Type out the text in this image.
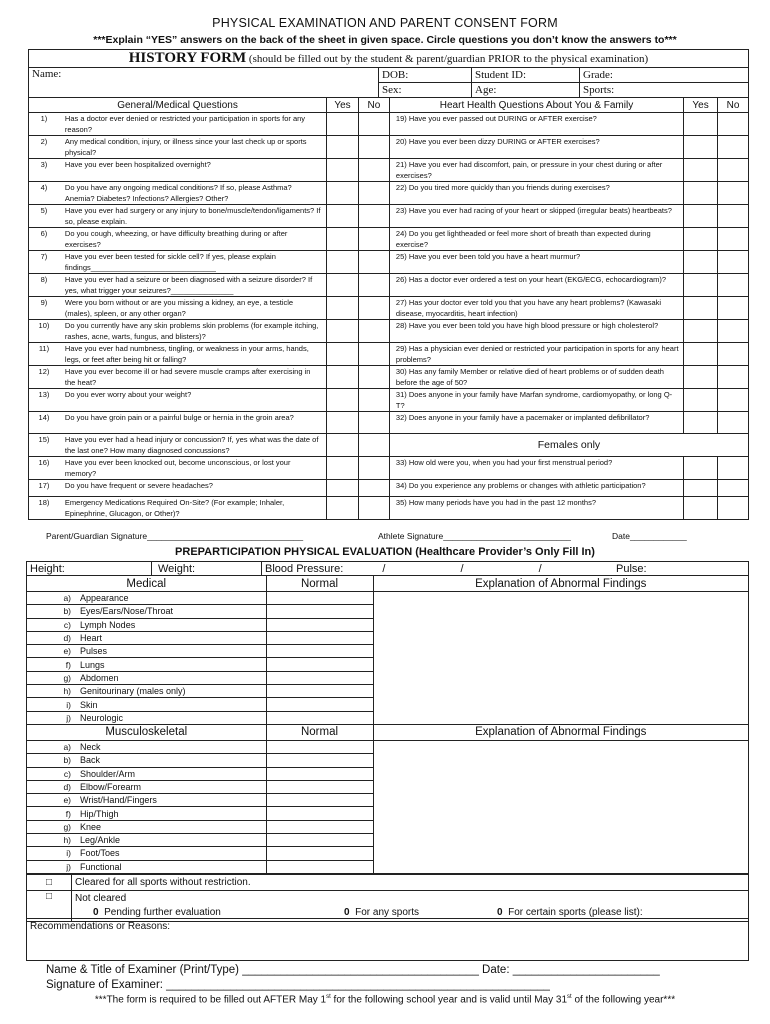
PHYSICAL EXAMINATION AND PARENT CONSENT FORM
***Explain “YES” answers on the back of the sheet in given space. Circle questions you don’t know the answers to***
HISTORY FORM (should be filled out by the student & parent/guardian PRIOR to the physical examination)			
Name:	DOB:	Student ID:	Grade:
	Sex:	Age:	Sports:
General/Medical Questions		Yes	No	Heart Health Questions About You & Family	Yes	No
1)	Has a doctor ever denied or restricted your participation in sports for any reason?			19) Have you ever passed out DURING or AFTER exercise?		
2)	Any medical condition, injury, or illness since your last check up or sports physical?			20) Have you ever been dizzy DURING or AFTER exercises?		
3)	Have you ever been hospitalized overnight?			21) Have you ever had discomfort, pain, or pressure in your chest during or after exercises?		
4)	Do you have any ongoing medical conditions? If so, please Asthma? Anemia? Diabetes? Infections? Allergies? Other?			22) Do you tired more quickly than you friends during exercises?		
5)	Have you ever had surgery or any injury to bone/muscle/tendon/ligaments? If so, please explain.			23) Have you ever had racing of your heart or skipped (irregular beats) heartbeats?		
6)	Do you cough, wheezing, or have difficulty breathing during or after exercises?			24) Do you get lightheaded or feel more short of breath than expected during exercise?		
7)	Have you ever been tested for sickle cell? If yes, please explain findings______________________________			25) Have you ever been told you have a heart murmur?		
8)	Have you ever had a seizure or been diagnosed with a seizure disorder? If yes, what trigger your seizures?_______________			26) Has a doctor ever ordered a test on your heart (EKG/ECG, echocardiogram)?		
9)	Were you born without or are you missing a kidney, an eye, a testicle (males), spleen, or any other organ?			27) Has your doctor ever told you that you have any heart problems? (Kawasaki disease, myocarditis, heart infection)		
10)	Do you currently have any skin problems skin problems (for example itching, rashes, acne, warts, fungus, and blisters)?			28) Have you ever been told you have high blood pressure or high cholesterol?		
11)	Have you ever had numbness, tingling, or weakness in your arms, hands, legs, or feet after being hit or falling?			29) Has a physician ever denied or restricted your participation in sports for any heart problems?		
12)	Have you ever become ill or had severe muscle cramps after exercising in the heat?			30) Has any family Member or relative died of heart problems or of sudden death before the age of 50?		
13)	Do you ever worry about your weight?			31) Does anyone in your family have Marfan syndrome, cardiomyopathy, or long Q-T?		
14)	Do you have groin pain or a painful bulge or hernia in the groin area?			32) Does anyone in your family have a pacemaker or implanted defibrillator?		
15)	Have you ever had a head injury or concussion? If, yes what was the date of the last one? How many diagnosed concussions?			Females only		
16)	Have you ever been knocked out, become unconscious, or lost your memory?			33) How old were you, when you had your first menstrual period?		
17)	Do you have frequent or severe headaches?			34) Do you experience any problems or changes with athletic participation?		
18)	Emergency Medications Required On-Site? (For example; Inhaler, Epinephrine, Glucagon, or Other)?			35) How many periods have you had in the past 12 months?		
Parent/Guardian Signature_________________________________	Athlete Signature___________________________	Date____________
PREPARTICIPATION PHYSICAL EVALUATION (Healthcare Provider’s Only Fill In)
Height:	Weight:	Blood Pressure:	/	/	/	Pulse:
Medical			Normal	Explanation of Abnormal Findings
	a)	Appearance		
	b)	Eyes/Ears/Nose/Throat		
	c)	Lymph Nodes		
	d)	Heart		
	e)	Pulses		
	f)	Lungs		
	g)	Abdomen		
	h)	Genitourinary (males only)		
	i)	Skin		
	j)	Neurologic		
Musculoskeletal			Normal	Explanation of Abnormal Findings
	a)	Neck		
	b)	Back		
	c)	Shoulder/Arm		
	d)	Elbow/Forearm		
	e)	Wrist/Hand/Fingers		
	f)	Hip/Thigh		
	g)	Knee		
	h)	Leg/Ankle		
	i)	Foot/Toes		
	j)	Functional		
□	Cleared for all sports without restriction.
□	Not cleared

	0 Pending further evaluation 0 For any sports 0 For certain sports (please list):
Recommendations or Reasons:
Name & Title of Examiner (Print/Type) _____________________________________ Date: _______________________
Signature of Examiner: ____________________________________________________________
***The form is required to be filled out AFTER May 1st for the following school year and is valid until May 31st of the following year***
